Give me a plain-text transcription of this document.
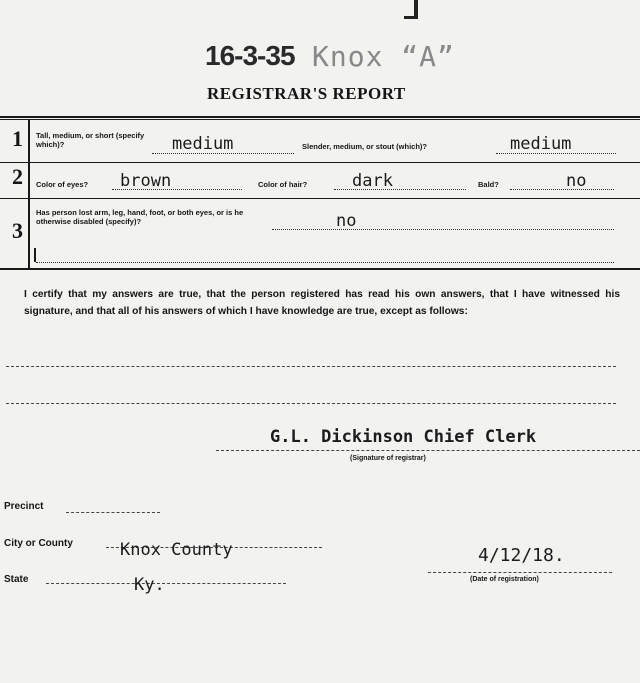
16-3-35 Knox “A”
REGISTRAR'S REPORT
1 Tall, medium, or short (specify which)?	medium	Slender, medium, or stout (which)?	medium
2 Color of eyes? brown	Color of hair?	dark	Bald?	no
3
Has person lost arm, leg, hand, foot, or both eyes, or is he otherwise disabled (specify)?	no
I certify that my answers are true, that the person registered has read his own answers, that I have witnessed his signature, and that all of his answers of which I have knowledge are true, except as follows:
G.L. Dickinson Chief Clerk
(Signature of registrar)
Precinct
City or County	Knox County
State	Ky.
4/12/18.
(Date of registration)
